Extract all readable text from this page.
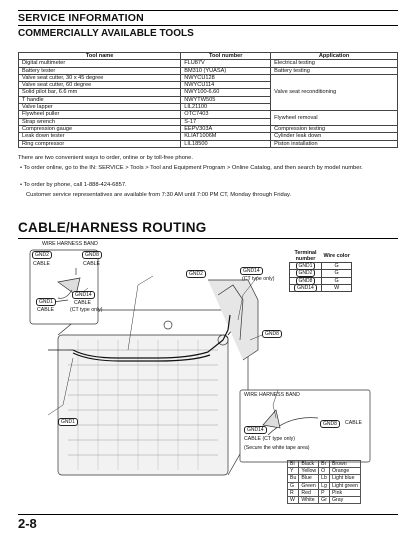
SERVICE INFORMATION
COMMERCIALLY AVAILABLE TOOLS
Tool name	Tool number	Application
Digital multimeter	FLU87V	Electrical testing
Battery tester	BM310 (YUASA)	Battery testing
Valve seat cutter, 30 x 45 degree	NWYCU128	Valve seat reconditioning
Valve seat cutter, 60 degree	NWYCU114	
Solid pilot bar, 6.6 mm	NWY100-6.60	
T handle	NWYTW505	
Valve lapper	LIL21100	
Flywheel puller	OTC7403	Flywheel removal
Strap wrench	S-17	
Compression gauge	EEPV303A	Compression testing
Leak down tester	KLIAT1006M	Cylinder leak down
Ring compressor	LIL18500	Piston installation
There are two convenient ways to order, online or by toll-free phone.
• To order online, go to the IN: SERVICE > Tools > Tool and Equipment Program > Online Catalog, and then search by model number.
• To order by phone, call 1-888-424-6857.
Customer service representatives are available from 7:30 AM until 7:00 PM CT, Monday through Friday.
CABLE/HARNESS ROUTING
WIRE HARNESS BAND
GND2	GND8
CABLE	CABLE
GND1
CABLE
GND14
CABLE
(CT type only)
GND2	GND14
(CT type only)
GND8
GND1
WIRE HARNESS BAND
GND8	CABLE
GND14
CABLE (CT type only)
(Secure the white tape area)
Terminal number	Wire color
GND1	G
GND2	G
GND8	G
GND14	W
Bl	Black	Br	Brown
Y	Yellow	O	Orange
Bu	Blue	Lb	Light blue
G	Green	Lg	Light green
R	Red	P	Pink
W	White	Gr	Gray
2-8
